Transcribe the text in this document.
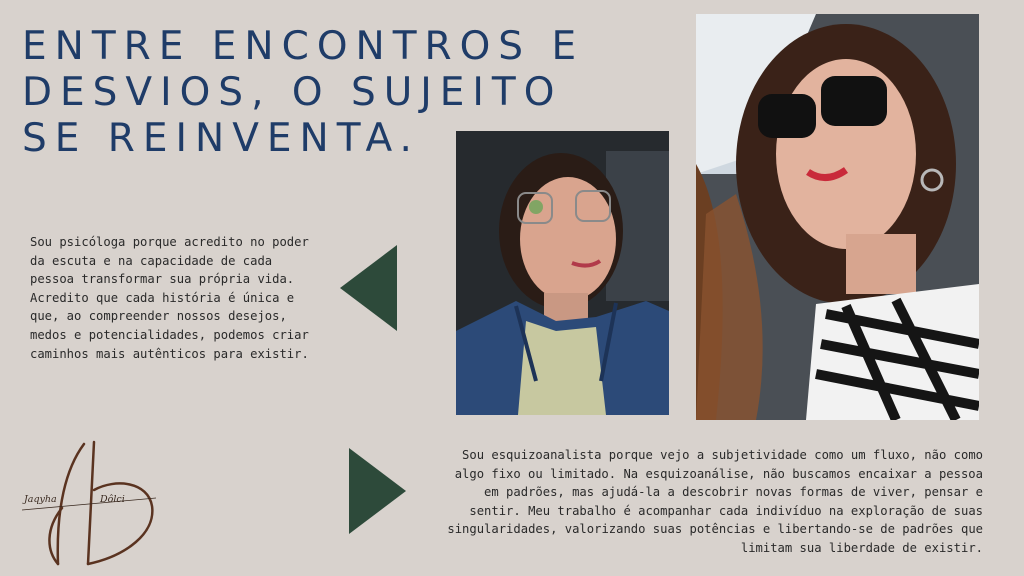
ENTRE ENCONTROS E
DESVIOS, O SUJEITO
SE REINVENTA.

Sou psicóloga porque acredito no poder
da escuta e na capacidade de cada
pessoa transformar sua própria vida.
Acredito que cada história é única e
que, ao compreender nossos desejos,
medos e potencialidades, podemos criar
caminhos mais autênticos para existir.

Sou esquizoanalista porque vejo a subjetividade como um fluxo, não como
algo fixo ou limitado. Na esquizoanálise, não buscamos encaixar a pessoa
em padrões, mas ajudá-la a descobrir novas formas de viver, pensar e
sentir. Meu trabalho é acompanhar cada indivíduo na exploração de suas
singularidades, valorizando suas potências e libertando-se de padrões que
limitam sua liberdade de existir.

Jaqyha	Dôlci
